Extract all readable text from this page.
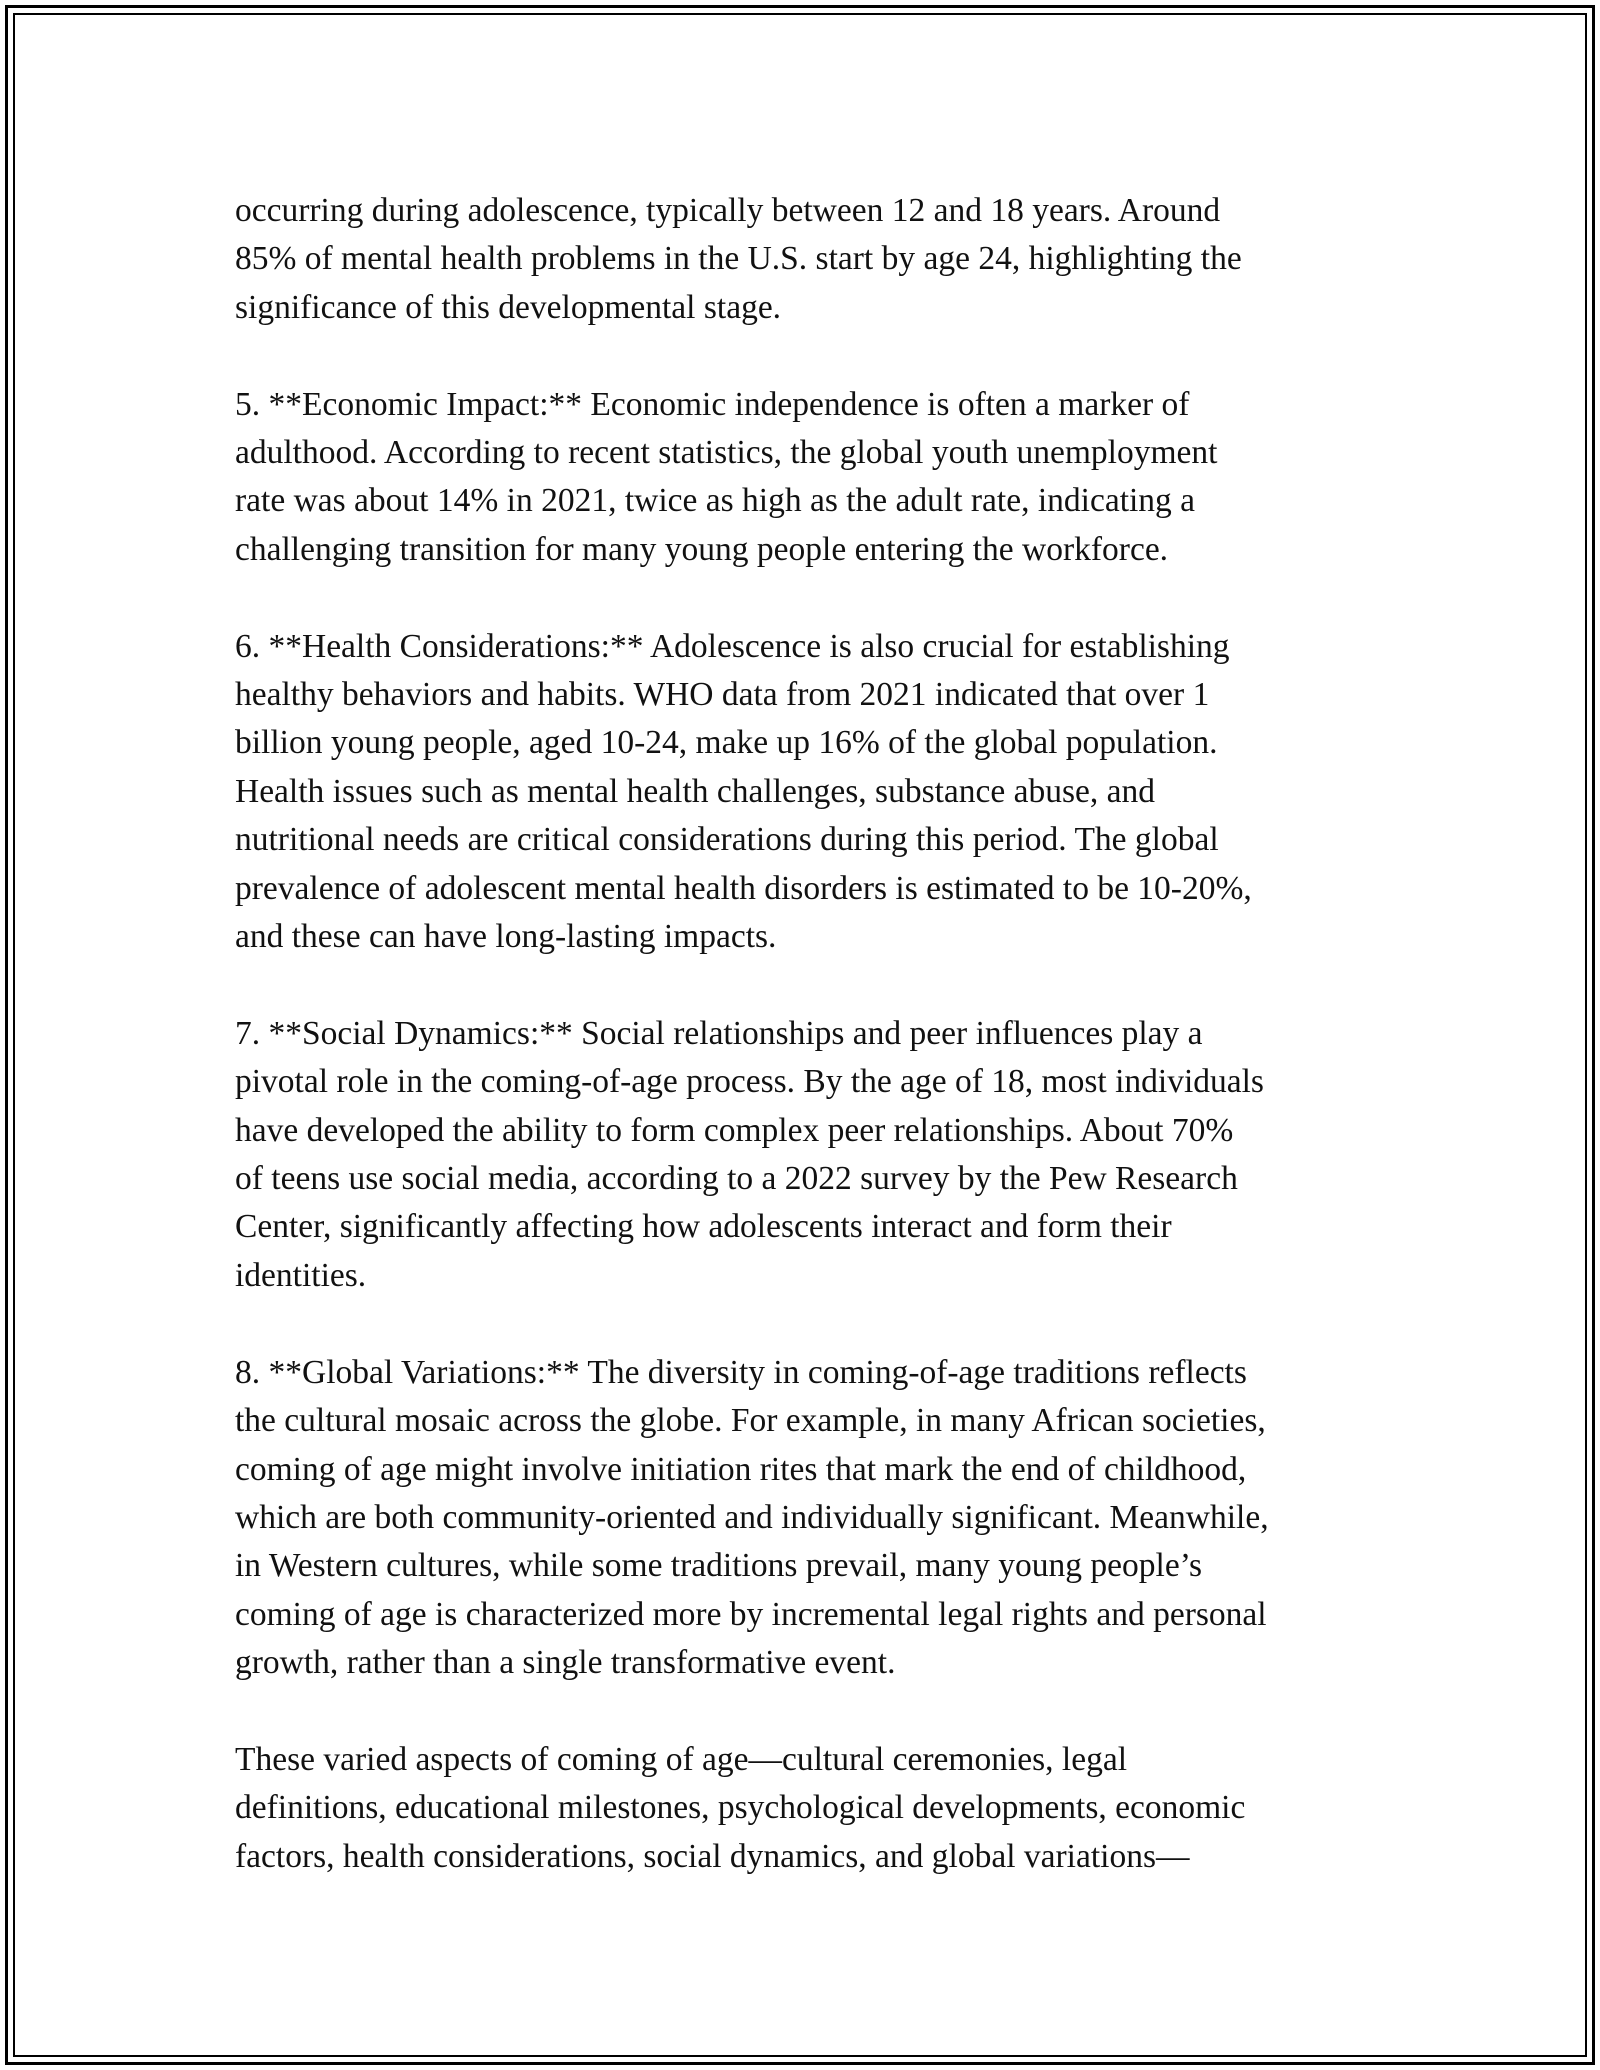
occurring during adolescence, typically between 12 and 18 years. Around
85% of mental health problems in the U.S. start by age 24, highlighting the
significance of this developmental stage.

5. **Economic Impact:** Economic independence is often a marker of
adulthood. According to recent statistics, the global youth unemployment
rate was about 14% in 2021, twice as high as the adult rate, indicating a
challenging transition for many young people entering the workforce.

6. **Health Considerations:** Adolescence is also crucial for establishing
healthy behaviors and habits. WHO data from 2021 indicated that over 1
billion young people, aged 10-24, make up 16% of the global population.
Health issues such as mental health challenges, substance abuse, and
nutritional needs are critical considerations during this period. The global
prevalence of adolescent mental health disorders is estimated to be 10-20%,
and these can have long-lasting impacts.

7. **Social Dynamics:** Social relationships and peer influences play a
pivotal role in the coming-of-age process. By the age of 18, most individuals
have developed the ability to form complex peer relationships. About 70%
of teens use social media, according to a 2022 survey by the Pew Research
Center, significantly affecting how adolescents interact and form their
identities.

8. **Global Variations:** The diversity in coming-of-age traditions reflects
the cultural mosaic across the globe. For example, in many African societies,
coming of age might involve initiation rites that mark the end of childhood,
which are both community-oriented and individually significant. Meanwhile,
in Western cultures, while some traditions prevail, many young people’s
coming of age is characterized more by incremental legal rights and personal
growth, rather than a single transformative event.

These varied aspects of coming of age—cultural ceremonies, legal
definitions, educational milestones, psychological developments, economic
factors, health considerations, social dynamics, and global variations—
